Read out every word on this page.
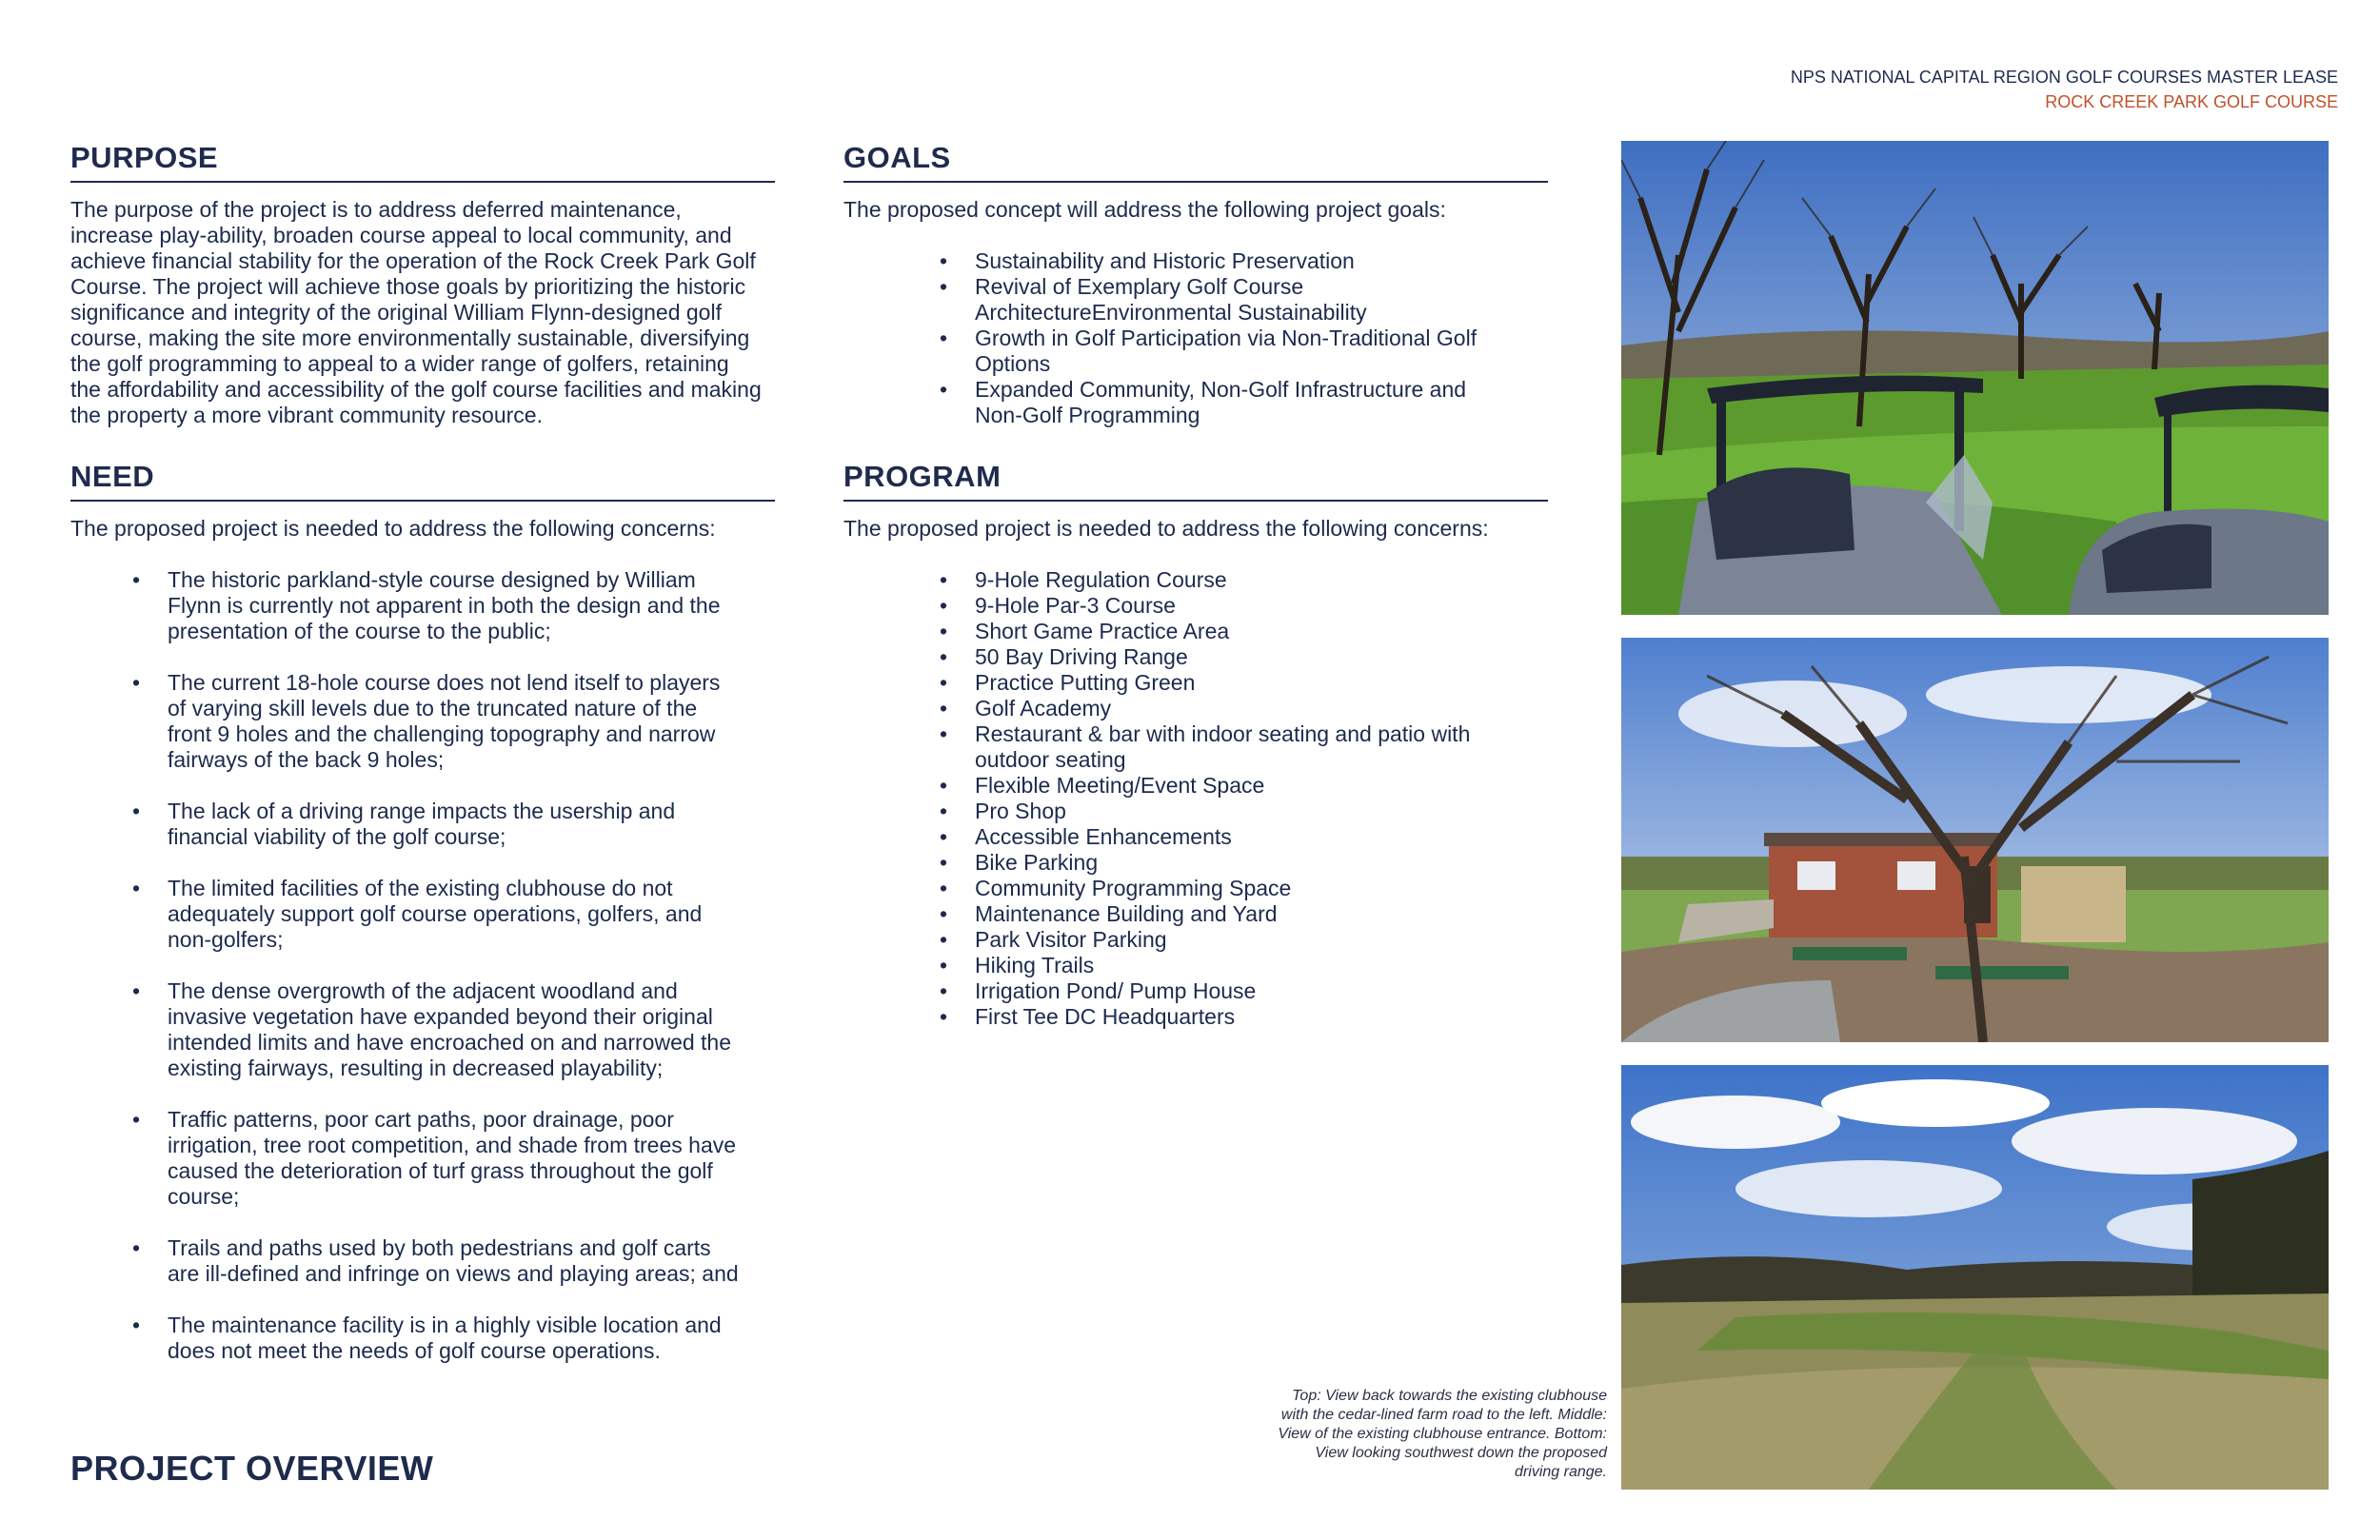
NPS NATIONAL CAPITAL REGION GOLF COURSES MASTER LEASE
ROCK CREEK PARK GOLF COURSE
PURPOSE
The purpose of the project is to address deferred maintenance, increase play-ability, broaden course appeal to local community, and achieve financial stability for the operation of the Rock Creek Park Golf Course. The project will achieve those goals by prioritizing the historic significance and integrity of the original William Flynn-designed golf course, making the site more environmentally sustainable, diversifying the golf programming to appeal to a wider range of golfers, retaining the affordability and accessibility of the golf course facilities and making the property a more vibrant community resource.
NEED
The proposed project is needed to address the following concerns:
• The historic parkland-style course designed by William Flynn is currently not apparent in both the design and the presentation of the course to the public;
• The current 18-hole course does not lend itself to players of varying skill levels due to the truncated nature of the front 9 holes and the challenging topography and narrow fairways of the back 9 holes;
• The lack of a driving range impacts the usership and financial viability of the golf course;
• The limited facilities of the existing clubhouse do not adequately support golf course operations, golfers, and non-golfers;
• The dense overgrowth of the adjacent woodland and invasive vegetation have expanded beyond their original intended limits and have encroached on and narrowed the existing fairways, resulting in decreased playability;
• Traffic patterns, poor cart paths, poor drainage, poor irrigation, tree root competition, and shade from trees have caused the deterioration of turf grass throughout the golf course;
• Trails and paths used by both pedestrians and golf carts are ill-defined and infringe on views and playing areas; and
• The maintenance facility is in a highly visible location and does not meet the needs of golf course operations.
GOALS
The proposed concept will address the following project goals:
• Sustainability and Historic Preservation
• Revival of Exemplary Golf Course ArchitectureEnvironmental Sustainability
• Growth in Golf Participation via Non-Traditional Golf Options
• Expanded Community, Non-Golf Infrastructure and Non-Golf Programming
PROGRAM
The proposed project is needed to address the following concerns:
• 9-Hole Regulation Course
• 9-Hole Par-3 Course
• Short Game Practice Area
• 50 Bay Driving Range
• Practice Putting Green
• Golf Academy
• Restaurant & bar with indoor seating and patio with outdoor seating
• Flexible Meeting/Event Space
• Pro Shop
• Accessible Enhancements
• Bike Parking
• Community Programming Space
• Maintenance Building and Yard
• Park Visitor Parking
• Hiking Trails
• Irrigation Pond/ Pump House
• First Tee DC Headquarters
Top: View back towards the existing clubhouse with the cedar-lined farm road to the left. Middle: View of the existing clubhouse entrance. Bottom: View looking southwest down the proposed driving range.
PROJECT OVERVIEW
